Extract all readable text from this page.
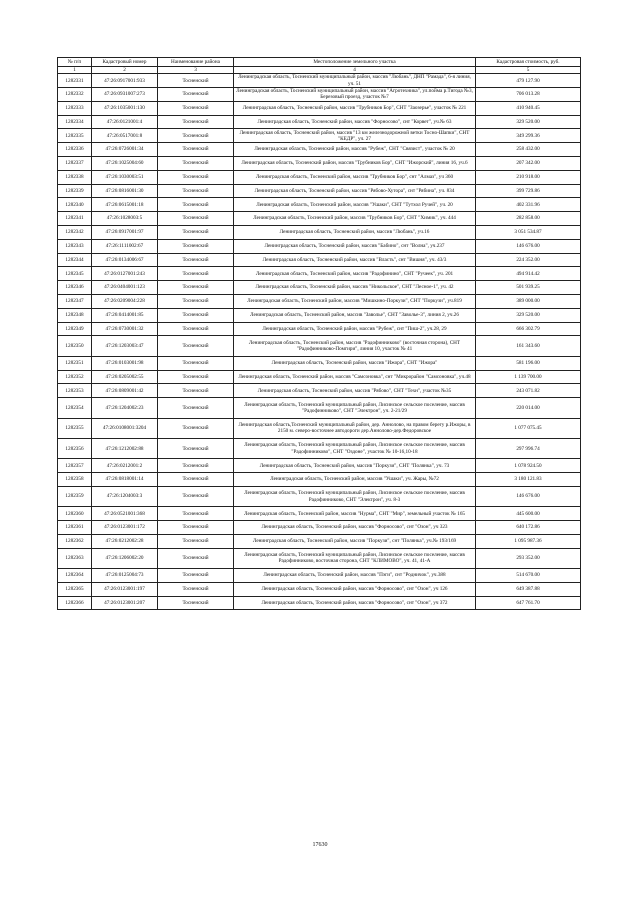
№ п/п	Кадастровый номер	Наименование района	Местоположение земельного участка	Кадастровая стоимость, руб.
1	2	3	4	5
1282331	47:26:0917001:933	Тосненский	Ленинградская область, Тосненский муниципальный район, массив "Любань", ДНП "Рамада", 6-я линия, уч. 51	479 127.90
1282332	47:26:0931007:273	Тосненский	Ленинградская область, Тосненский муниципальный район, массив "Агротехника", ул.пойма р.Тигода №3, Березовый проезд, участок №7	706 013.28
1282333	47:26:1035001:130	Тосненский	Ленинградская область, Тосненский район, массив "Трубников Бор", СНТ "Заозерье", участок № 221	410 940.45
1282334	47:26:0121001:4	Тосненский	Ленинградская область, Тосненский район, массив "Форносово", снт "Корвет", уч.№ 63	329 520.00
1282335	47:26:0517001:8	Тосненский	Ленинградская область, Тосненский район, массив "13 км железнодорожной ветки Тосно-Шапки", СНТ "КЕДР", уч. 27	349 299.36
1282336	47:26:0726001:34	Тосненский	Ленинградская область, Тосненский район, массив "Рубеж", СНТ "Связист", участок № 20	258 432.00
1282337	47:26:1025004:60	Тосненский	Ленинградская область, Тосненский район, массив "Трубников Бор", СНТ "Ижорский", линия 16, уч.6	207 342.00
1282338	47:26:1030003:51	Тосненский	Ленинградская область, Тосненский район, массив "Трубников Бор", снт "Алмаз", уч 360	210 918.00
1282339	47:26:0816001:30	Тосненский	Ленинградская область, Тосненский район, массив "Рябово-Хутора", снт "Рябина", уч. 834	399 729.86
1282340	47:26:0615001:18	Тосненский	Ленинградская область, Тосненский район, массив "Ушаки", СНТ "Тутхол Ручей", уч. 20	402 331.96
1282341	47:26:1028003:5	Тосненский	Ленинградская область, Тосненский район, массив "Трубников Бор", СНТ "Химик", уч. 444	282 858.00
1282342	47:26:0917001:97	Тосненский	Ленинградская область, Тосненский район, массив "Любань", уч.16	3 051 534.87
1282343	47:26:1111002:67	Тосненский	Ленинградская область, Тосненский район, массив "Бабино", снт "Волна", уч.237	146 676.00
1282344	47:26:0134006:67	Тосненский	Ленинградская область, Тосненский район, массив "Власть", снт "Вишня", уч. 43/3	224 352.00
1282345	47:26:0127001:243	Тосненский	Ленинградская область, Тосненский район, массив "Радофинино", СНТ "Ручеек", уч. 201	494 914.42
1282346	47:26:0404001:123	Тосненский	Ленинградская область, Тосненский район, массив "Никольское", СНТ "Лесное-1", уч. 42	501 939.25
1282347	47:26:0209004:228	Тосненский	Ленинградская область, Тосненский район, массив "Мишкино-Поркузи", СНТ "Поркузи", уч.819	389 000.00
1282348	47:26:0414001:85	Тосненский	Ленинградская область, Тосненский район, массив "Заволье", СНТ "Заволье-3", линия 2, уч.26	329 520.00
1282349	47:26:0730001:32	Тосненский	Ленинградская область, Тосненский район, массив "Рубеж", снт "Пиш-2", уч.28, 29	666 302.79
1282350	47:26:1203003:47	Тосненский	Ленинградская область, Тосненский район, массив "Радофинниково" (восточная сторона), СНТ "Радофинниково-Помгири", линия 10, участок № 41	161 343.60
1282351	47:26:0103001:98	Тосненский	Ленинградская область, Тосненский район, массив "Ижора", СНТ "Ижора"	581 196.00
1282352	47:26:0205002:55	Тосненский	Ленинградская область, Тосненский район, массив "Самсоновка", снт "Микрорайон "Самсоновка", уч.48	1 139 700.00
1282353	47:26:0809001:42	Тосненский	Ленинградская область, Тосненский район, массив "Рябово", СНТ "Техн", участок №35	243 071.82
1282354	47:26:1204002:23	Тосненский	Ленинградская область, Тосненский муниципальный район, Лисинское сельское поселение, массив "Радофинниково", СНТ "Электрон", уч. 2-21/29	220 014.00
1282355	47:26:0108001:3204	Тосненский	Ленинградская область,Тосненский муниципальный район, дер. Аннолово, на правом берегу р.Ижоры, в 2150 м. северо-восточнее автодороги дер.Аннолово-дер.Федоровское	1 077 075.45
1282356	47:26:1212002:88	Тосненский	Ленинградская область, Тосненский муниципальный район, Лисинское сельское поселение, массив "Радофинниково", СНТ "Оздоне", участок № 10-16,10-18	297 996.74
1282357	47:26:0212001:2	Тосненский	Ленинградская область, Тосненский район, массив "Поркузи", СНТ "Полянка", уч. 73	1 078 924.50
1282358	47:26:0818001:14	Тосненский	Ленинградская область, Тосненский район, массив "Ушаки", уч. Жары, №72	3 180 121.83
1282359	47:26:1204003:3	Тосненский	Ленинградская область, Тосненский муниципальный район, Лисинское сельское поселение, массив Радофинниково, СНТ "Электрон", уч. 8-3	146 676.00
1282360	47:26:0521001:368	Тосненский	Ленинградская область, Тосненский район, массив "Нурма", СНТ "Мир", земельный участок № 165	445 600.00
1282361	47:26:0123001:172	Тосненский	Ленинградская область, Тосненский район, массив "Форносово", снт "Озон", уч 323	640 172.86
1282362	47:26:0212002:28	Тосненский	Ленинградская область, Тосненский район, массив "Поркузи", снт "Полянка", уч.№ 193/169	1 095 987.36
1282363	47:26:1206002:20	Тосненский	Ленинградская область, Тосненский муниципальный район, Лисинское сельское поселение, массив Радофинниково, восточная сторона, СНТ "КЛИМОВО", уч. 41, 41-А	293 352.00
1282364	47:26:0125004:73	Тосненский	Ленинградская область, Тосненский район, массив "Пэги", снт "Родничок", уч.388	514 670.00
1282365	47:26:0123001:197	Тосненский	Ленинградская область, Тосненский район, массив "Форносово", снт "Озон", уч 126	649 387.88
1282366	47:26:0123001:207	Тосненский	Ленинградская область, Тосненский район, массив "Форносово", снт "Озон", уч 372	647 761.70
17630
